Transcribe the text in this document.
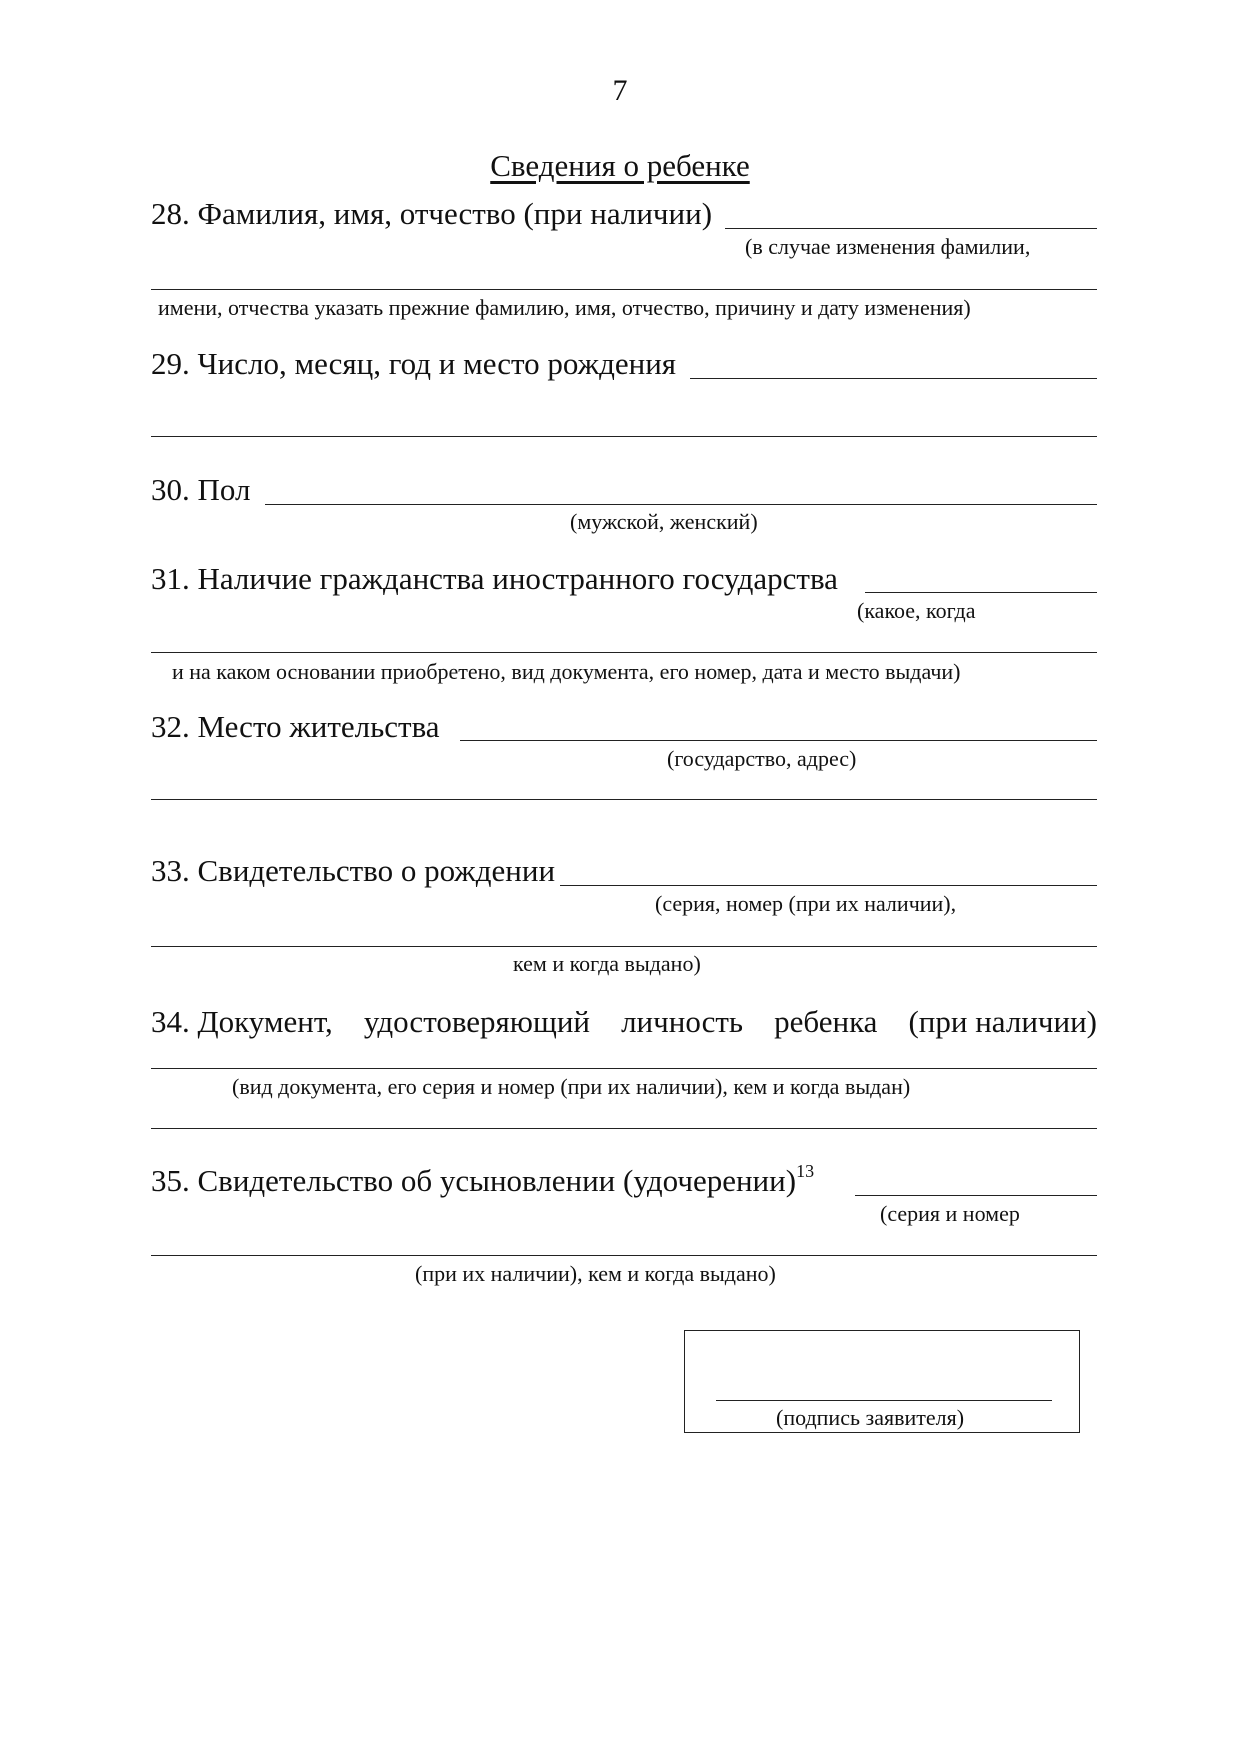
7
Сведения о ребенке
28. Фамилия, имя, отчество (при наличии)
(в случае изменения фамилии,
имени, отчества указать прежние фамилию, имя, отчество, причину и дату изменения)
29. Число, месяц, год и место рождения
30. Пол
(мужской, женский)
31. Наличие гражданства иностранного государства
(какое, когда
и на каком основании приобретено, вид документа, его номер, дата и место выдачи)
32. Место жительства
(государство, адрес)
33. Свидетельство о рождении
(серия, номер (при их наличии),
кем и когда выдано)
34. Документ, удостоверяющий личность ребенка (при наличии)
(вид документа, его серия и номер (при их наличии), кем и когда выдан)
35. Свидетельство об усыновлении (удочерении)$^{13}$
(серия и номер
(при их наличии), кем и когда выдано)
(подпись заявителя)
